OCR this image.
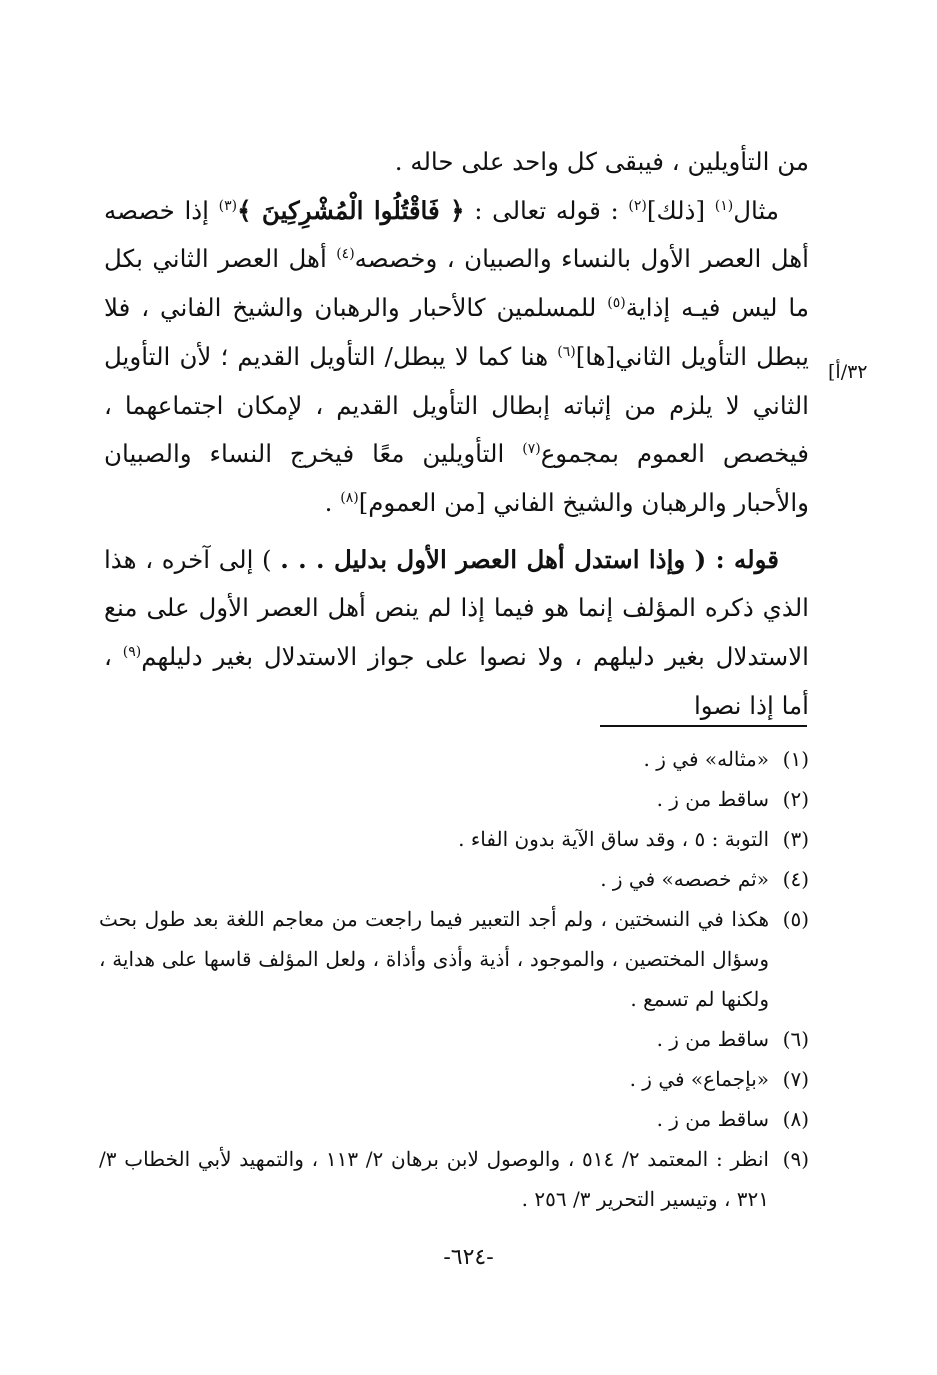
من التأويلين ، فيبقى كل واحد على حاله .

مثال$^{(١)}$ [ذلك]$^{(٢)}$ : قوله تعالى : ﴿ فَاقْتُلُوا الْمُشْرِكِينَ ﴾$^{(٣)}$ إذا خصصه أهل العصر الأول بالنساء والصبيان ، وخصصه$^{(٤)}$ أهل العصر الثاني بكل ما ليس فيـه إذاية$^{(٥)}$ للمسلمين كالأحبار والرهبان والشيخ الفاني ، فلا يبطل التأويل الثاني[ها]$^{(٦)}$ هنا كما لا يبطل/ التأويل القديم ؛ لأن التأويل الثاني لا يلزم من إثباته إبطال التأويل القديم ، لإمكان اجتماعهما ، فيخصص العموم بمجموع$^{(٧)}$ التأويلين معًا فيخرج النساء والصبيان والأحبار والرهبان والشيخ الفاني [من العموم]$^{(٨)}$ .

قوله : ( وإذا استدل أهل العصر الأول بدليل . . . ) إلى آخره ، هذا الذي ذكره المؤلف إنما هو فيما إذا لم ينص أهل العصر الأول على منع الاستدلال بغير دليلهم ، ولا نصوا على جواز الاستدلال بغير دليلهم$^{(٩)}$ ، أما إذا نصوا

٣٢/أ]
(١)
«مثاله» في ز .
(٢)
ساقط من ز .
(٣)
التوبة : ٥ ، وقد ساق الآية بدون الفاء .
(٤)
«ثم خصصه» في ز .
(٥)
هكذا في النسختين ، ولم أجد التعبير فيما راجعت من معاجم اللغة بعد طول بحث وسؤال المختصين ، والموجود ، أذية وأذى وأذاة ، ولعل المؤلف قاسها على هداية ، ولكنها لم تسمع .
(٦)
ساقط من ز .
(٧)
«بإجماع» في ز .
(٨)
ساقط من ز .
(٩)
انظر : المعتمد ٢/ ٥١٤ ، والوصول لابن برهان ٢/ ١١٣ ، والتمهيد لأبي الخطاب ٣/ ٣٢١ ، وتيسير التحرير ٣/ ٢٥٦ .
-٦٢٤-
